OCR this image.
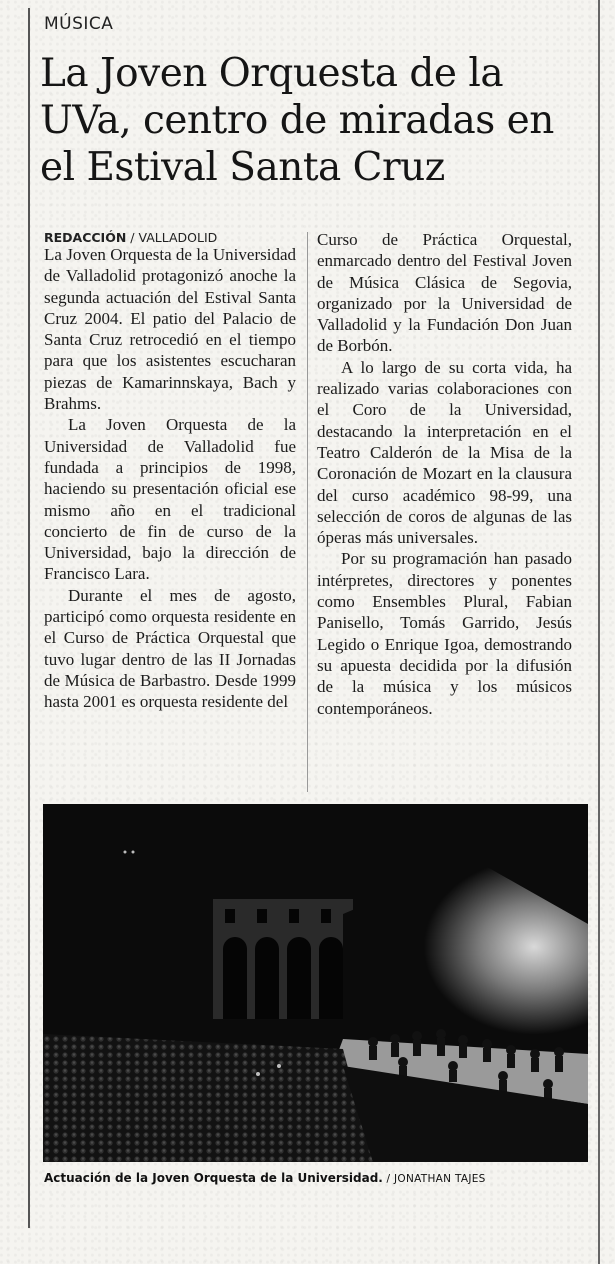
MÚSICA
La Joven Orquesta de la UVa, centro de miradas en el Estival Santa Cruz
REDACCIÓN / VALLADOLID

La Joven Orquesta de la Universidad de Valladolid protagonizó anoche la segunda actuación del Estival Santa Cruz 2004. El patio del Palacio de Santa Cruz retrocedió en el tiempo para que los asistentes escucharan piezas de Kamarinnskaya, Bach y Brahms.

La Joven Orquesta de la Universidad de Valladolid fue fundada a principios de 1998, haciendo su presentación oficial ese mismo año en el tradicional concierto de fin de curso de la Universidad, bajo la dirección de Francisco Lara.

Durante el mes de agosto, participó como orquesta residente en el Curso de Práctica Orquestal que tuvo lugar dentro de las II Jornadas de Música de Barbastro. Desde 1999 hasta 2001 es orquesta residente del

Curso de Práctica Orquestal, enmarcado dentro del Festival Joven de Música Clásica de Segovia, organizado por la Universidad de Valladolid y la Fundación Don Juan de Borbón.

A lo largo de su corta vida, ha realizado varias colaboraciones con el Coro de la Universidad, destacando la interpretación en el Teatro Calderón de la Misa de la Coronación de Mozart en la clausura del curso académico 98-99, una selección de coros de algunas de las óperas más universales.

Por su programación han pasado intérpretes, directores y ponentes como Ensembles Plural, Fabian Panisello, Tomás Garrido, Jesús Legido o Enrique Igoa, demostrando su apuesta decidida por la difusión de la música y los músicos contemporáneos.

Actuación de la Joven Orquesta de la Universidad. / JONATHAN TAJES
